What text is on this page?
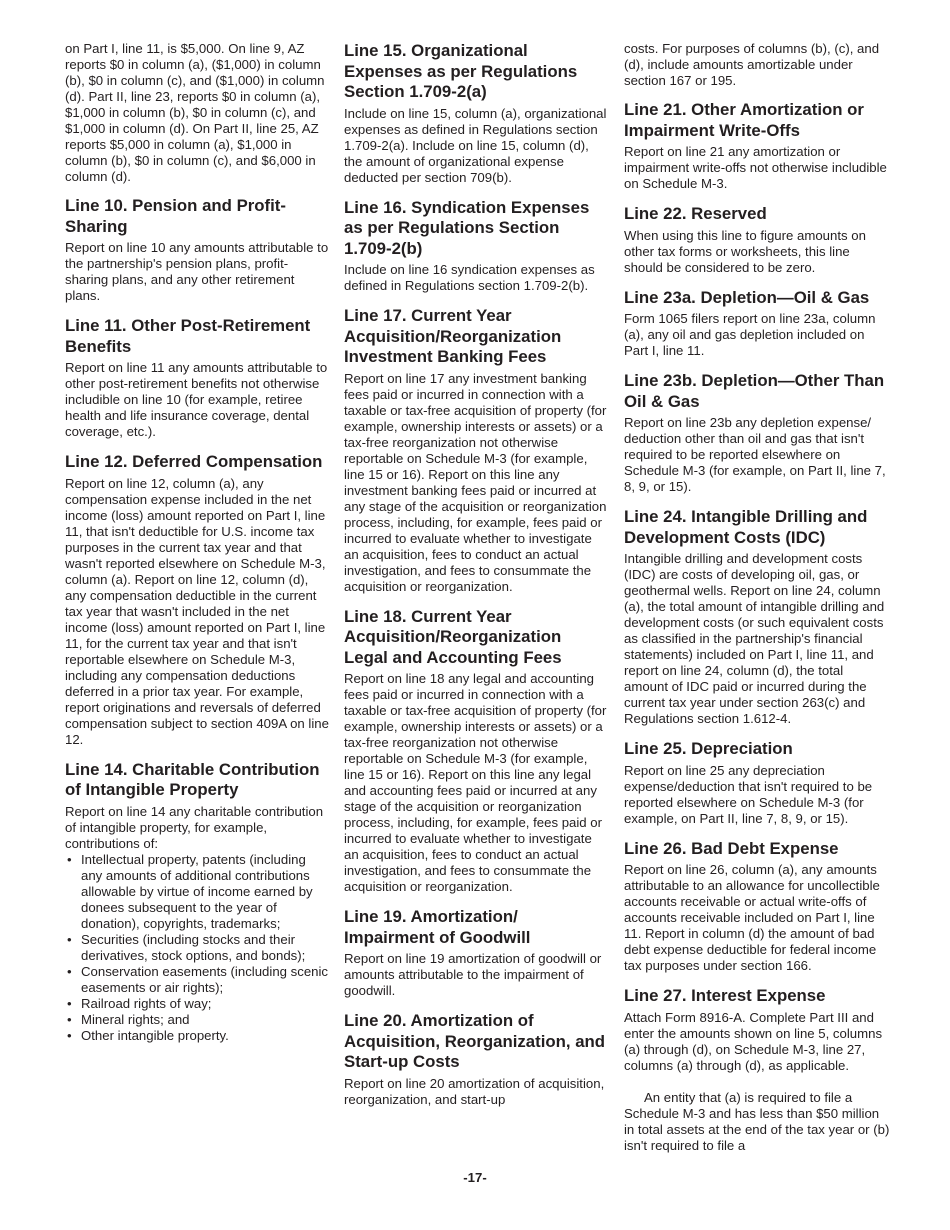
on Part I, line 11, is $5,000. On line 9, AZ reports $0 in column (a), ($1,000) in column (b), $0 in column (c), and ($1,000) in column (d). Part II, line 23, reports $0 in column (a), $1,000 in column (b), $0 in column (c), and $1,000 in column (d). On Part II, line 25, AZ reports $5,000 in column (a), $1,000 in column (b), $0 in column (c), and $6,000 in column (d).

Line 10. Pension and Profit-Sharing

Report on line 10 any amounts attributable to the partnership's pension plans, profit-sharing plans, and any other retirement plans.

Line 11. Other Post-Retirement Benefits

Report on line 11 any amounts attributable to other post-retirement benefits not otherwise includible on line 10 (for example, retiree health and life insurance coverage, dental coverage, etc.).

Line 12. Deferred Compensation

Report on line 12, column (a), any compensation expense included in the net income (loss) amount reported on Part I, line 11, that isn't deductible for U.S. income tax purposes in the current tax year and that wasn't reported elsewhere on Schedule M-3, column (a). Report on line 12, column (d), any compensation deductible in the current tax year that wasn't included in the net income (loss) amount reported on Part I, line 11, for the current tax year and that isn't reportable elsewhere on Schedule M-3, including any compensation deductions deferred in a prior tax year. For example, report originations and reversals of deferred compensation subject to section 409A on line 12.

Line 14. Charitable Contribution of Intangible Property

Report on line 14 any charitable contribution of intangible property, for example, contributions of:

• Intellectual property, patents (including any amounts of additional contributions allowable by virtue of income earned by donees subsequent to the year of donation), copyrights, trademarks;
• Securities (including stocks and their derivatives, stock options, and bonds);
• Conservation easements (including scenic easements or air rights);
• Railroad rights of way;
• Mineral rights; and
• Other intangible property.
Line 15. Organizational Expenses as per Regulations Section 1.709-2(a)

Include on line 15, column (a), organizational expenses as defined in Regulations section 1.709-2(a). Include on line 15, column (d), the amount of organizational expense deducted per section 709(b).

Line 16. Syndication Expenses as per Regulations Section 1.709-2(b)

Include on line 16 syndication expenses as defined in Regulations section 1.709-2(b).

Line 17. Current Year Acquisition/Reorganization Investment Banking Fees

Report on line 17 any investment banking fees paid or incurred in connection with a taxable or tax-free acquisition of property (for example, ownership interests or assets) or a tax-free reorganization not otherwise reportable on Schedule M-3 (for example, line 15 or 16). Report on this line any investment banking fees paid or incurred at any stage of the acquisition or reorganization process, including, for example, fees paid or incurred to evaluate whether to investigate an acquisition, fees to conduct an actual investigation, and fees to consummate the acquisition or reorganization.

Line 18. Current Year Acquisition/Reorganization Legal and Accounting Fees

Report on line 18 any legal and accounting fees paid or incurred in connection with a taxable or tax-free acquisition of property (for example, ownership interests or assets) or a tax-free reorganization not otherwise reportable on Schedule M-3 (for example, line 15 or 16). Report on this line any legal and accounting fees paid or incurred at any stage of the acquisition or reorganization process, including, for example, fees paid or incurred to evaluate whether to investigate an acquisition, fees to conduct an actual investigation, and fees to consummate the acquisition or reorganization.

Line 19. Amortization/ Impairment of Goodwill

Report on line 19 amortization of goodwill or amounts attributable to the impairment of goodwill.

Line 20. Amortization of Acquisition, Reorganization, and Start-up Costs

Report on line 20 amortization of acquisition, reorganization, and start-up

costs. For purposes of columns (b), (c), and (d), include amounts amortizable under section 167 or 195.

Line 21. Other Amortization or Impairment Write-Offs

Report on line 21 any amortization or impairment write-offs not otherwise includible on Schedule M-3.

Line 22. Reserved

When using this line to figure amounts on other tax forms or worksheets, this line should be considered to be zero.

Line 23a. Depletion—Oil & Gas

Form 1065 filers report on line 23a, column (a), any oil and gas depletion included on Part I, line 11.

Line 23b. Depletion—Other Than Oil & Gas

Report on line 23b any depletion expense/ deduction other than oil and gas that isn't required to be reported elsewhere on Schedule M-3 (for example, on Part II, line 7, 8, 9, or 15).

Line 24. Intangible Drilling and Development Costs (IDC)

Intangible drilling and development costs (IDC) are costs of developing oil, gas, or geothermal wells. Report on line 24, column (a), the total amount of intangible drilling and development costs (or such equivalent costs as classified in the partnership's financial statements) included on Part I, line 11, and report on line 24, column (d), the total amount of IDC paid or incurred during the current tax year under section 263(c) and Regulations section 1.612-4.

Line 25. Depreciation

Report on line 25 any depreciation expense/deduction that isn't required to be reported elsewhere on Schedule M-3 (for example, on Part II, line 7, 8, 9, or 15).

Line 26. Bad Debt Expense

Report on line 26, column (a), any amounts attributable to an allowance for uncollectible accounts receivable or actual write-offs of accounts receivable included on Part I, line 11. Report in column (d) the amount of bad debt expense deductible for federal income tax purposes under section 166.

Line 27. Interest Expense

Attach Form 8916-A. Complete Part III and enter the amounts shown on line 5, columns (a) through (d), on Schedule M-3, line 27, columns (a) through (d), as applicable.

An entity that (a) is required to file a Schedule M-3 and has less than $50 million in total assets at the end of the tax year or (b) isn't required to file a

-17-
